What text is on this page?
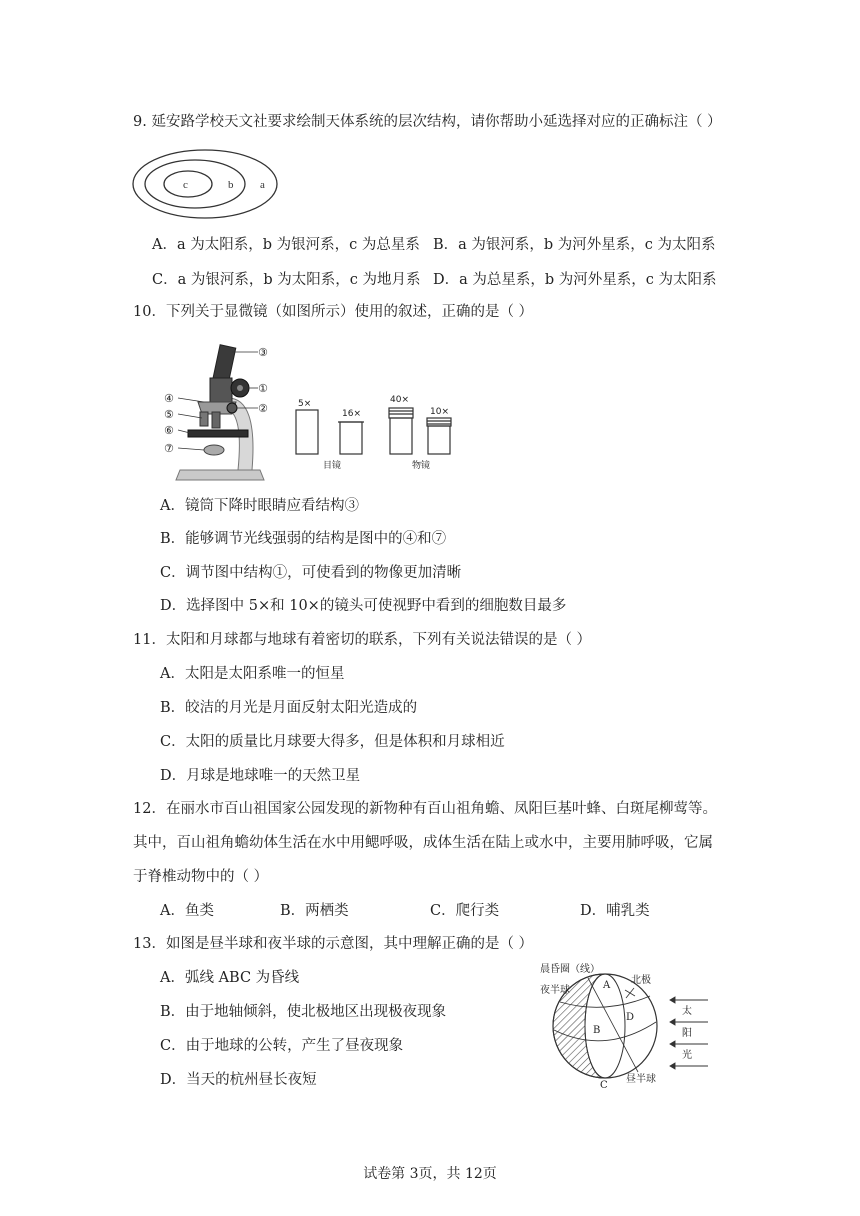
9. 延安路学校天文社要求绘制天体系统的层次结构，请你帮助小延选择对应的正确标注（ ）
c	b a
A．a 为太阳系，b 为银河系，c 为总星系 B．a 为银河系，b 为河外星系，c 为太阳系
C．a 为银河系，b 为太阳系，c 为地月系 D．a 为总星系，b 为河外星系，c 为太阳系
10．下列关于显微镜（如图所示）使用的叙述，正确的是（ ）
③
①
②
④
⑤
⑥
⑦
5×
16×
40×
10×
目镜	物镜
A．镜筒下降时眼睛应看结构③
B．能够调节光线强弱的结构是图中的④和⑦
C．调节图中结构①，可使看到的物像更加清晰
D．选择图中 5×和 10×的镜头可使视野中看到的细胞数目最多
11．太阳和月球都与地球有着密切的联系，下列有关说法错误的是（ ）
A．太阳是太阳系唯一的恒星
B．皎洁的月光是月面反射太阳光造成的
C．太阳的质量比月球要大得多，但是体积和月球相近
D．月球是地球唯一的天然卫星
12．在丽水市百山祖国家公园发现的新物种有百山祖角蟾、凤阳巨基叶蜂、白斑尾柳莺等。
其中，百山祖角蟾幼体生活在水中用鳃呼吸，成体生活在陆上或水中，主要用肺呼吸，它属
于脊椎动物中的（ ）
A．鱼类	B．两栖类	C．爬行类	D．哺乳类
13．如图是昼半球和夜半球的示意图，其中理解正确的是（ ）
A．弧线 ABC 为昏线
B．由于地轴倾斜，使北极地区出现极夜现象
C．由于地球的公转，产生了昼夜现象
D．当天的杭州昼长夜短
晨昏圈（线）
北极
夜半球
昼半球
A
B
C
D
太
阳
光
试卷第 3页，共 12页
